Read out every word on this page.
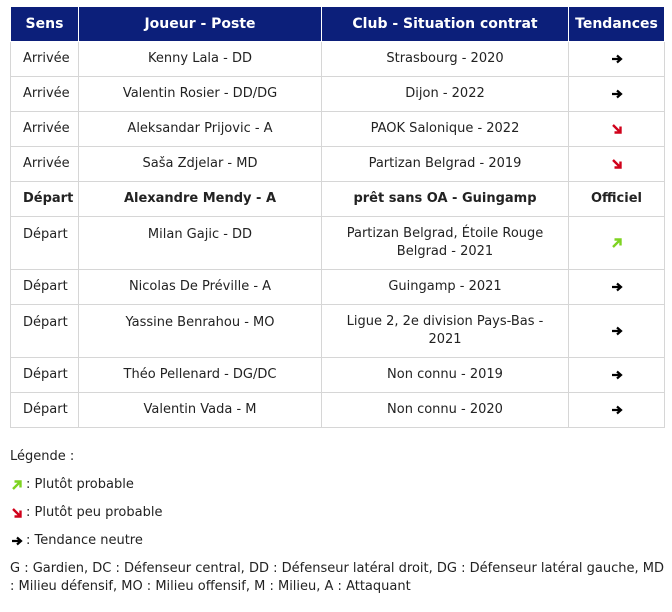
Sens	Joueur - Poste	Club - Situation contrat	Tendances
Arrivée	Kenny Lala - DD	Strasbourg - 2020	
Arrivée	Valentin Rosier - DD/DG	Dijon - 2022	
Arrivée	Aleksandar Prijovic - A	PAOK Salonique - 2022	
Arrivée	Saša Zdjelar - MD	Partizan Belgrad - 2019	
Départ	Alexandre Mendy - A	prêt sans OA - Guingamp	Officiel
Départ	Milan Gajic - DD	Partizan Belgrad, Étoile Rouge Belgrad - 2021	
Départ	Nicolas De Préville - A	Guingamp - 2021	
Départ	Yassine Benrahou - MO	Ligue 2, 2e division Pays-Bas - 2021	
Départ	Théo Pellenard - DG/DC	Non connu - 2019	
Départ	Valentin Vada - M	Non connu - 2020	

Légende :

: Plutôt probable

: Plutôt peu probable

: Tendance neutre

G : Gardien, DC : Défenseur central, DD : Défenseur latéral droit, DG : Défenseur latéral gauche, MD : Milieu défensif, MO : Milieu offensif, M : Milieu, A : Attaquant
